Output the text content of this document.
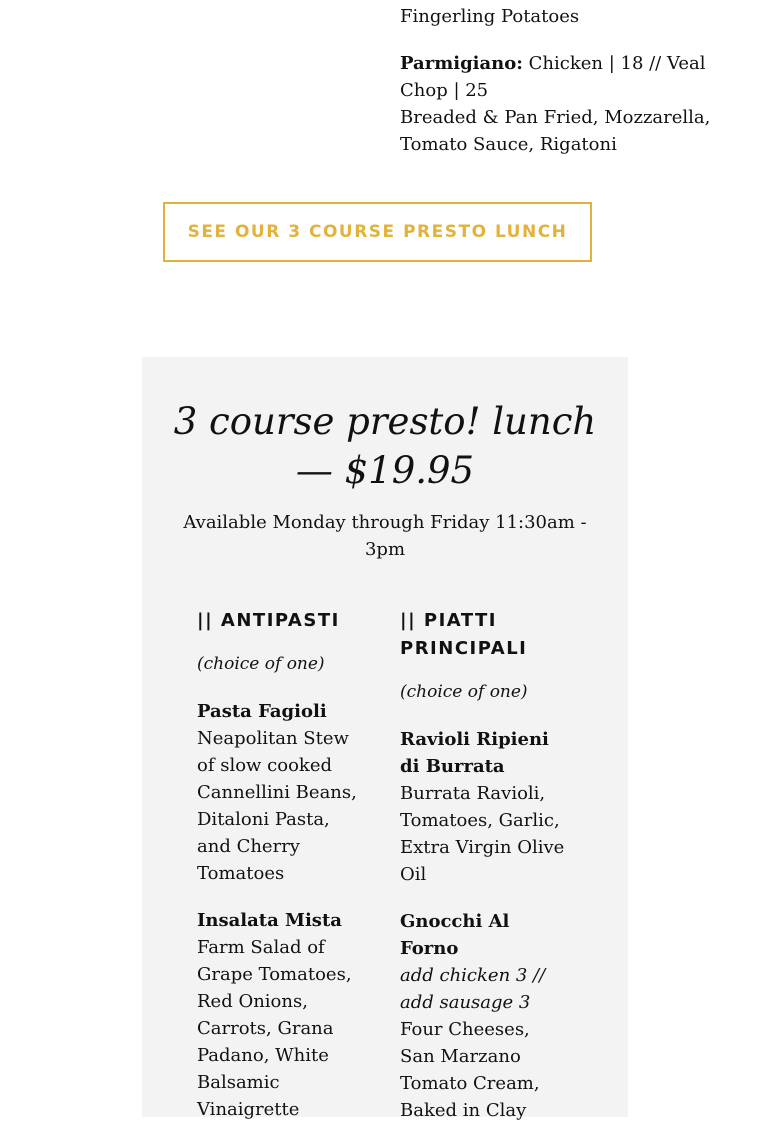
Fingerling Potatoes
Parmigiano: Chicken | 18 // Veal Chop | 25
Breaded & Pan Fried, Mozzarella, Tomato Sauce, Rigatoni
SEE OUR 3 COURSE PRESTO LUNCH
3 course presto! lunch — $19.95
Available Monday through Friday 11:30am - 3pm
|| ANTIPASTI
(choice of one)
Pasta Fagioli
Neapolitan Stew of slow cooked Cannellini Beans, Ditaloni Pasta, and Cherry Tomatoes
Insalata Mista
Farm Salad of Grape Tomatoes, Red Onions, Carrots, Grana Padano, White Balsamic Vinaigrette
|| PIATTI PRINCIPALI
(choice of one)
Ravioli Ripieni di Burrata
Burrata Ravioli, Tomatoes, Garlic, Extra Virgin Olive Oil
Gnocchi Al Forno
add chicken 3 // add sausage 3
Four Cheeses, San Marzano Tomato Cream, Baked in Clay
